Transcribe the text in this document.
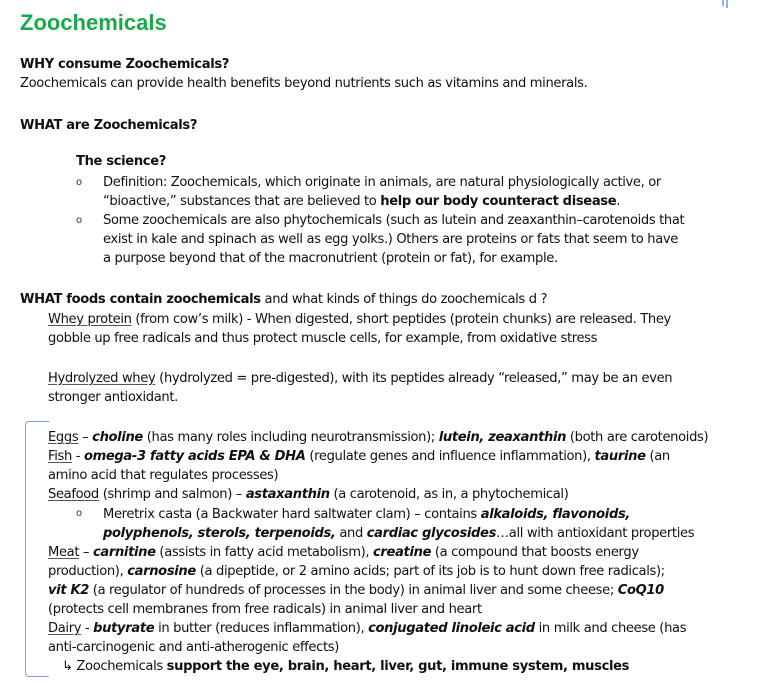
Zoochemicals
WHY consume Zoochemicals?
Zoochemicals can provide health benefits beyond nutrients such as vitamins and minerals.
WHAT are Zoochemicals?
The science?
o Definition: Zoochemicals, which originate in animals, are natural physiologically active, or
“bioactive,” substances that are believed to help our body counteract disease.
o Some zoochemicals are also phytochemicals (such as lutein and zeaxanthin–carotenoids that
exist in kale and spinach as well as egg yolks.) Others are proteins or fats that seem to have
a purpose beyond that of the macronutrient (protein or fat), for example.
WHAT foods contain zoochemicals and what kinds of things do zoochemicals d ?
Whey protein (from cow’s milk) - When digested, short peptides (protein chunks) are released. They
gobble up free radicals and thus protect muscle cells, for example, from oxidative stress
Hydrolyzed whey (hydrolyzed = pre-digested), with its peptides already “released,” may be an even
stronger antioxidant.
Eggs – choline (has many roles including neurotransmission); lutein, zeaxanthin (both are carotenoids)
Fish - omega-3 fatty acids EPA & DHA (regulate genes and influence inflammation), taurine (an
amino acid that regulates processes)
Seafood (shrimp and salmon) – astaxanthin (a carotenoid, as in, a phytochemical)
o Meretrix casta (a Backwater hard saltwater clam) – contains alkaloids, flavonoids,
polyphenols, sterols, terpenoids, and cardiac glycosides…all with antioxidant properties
Meat – carnitine (assists in fatty acid metabolism), creatine (a compound that boosts energy
production), carnosine (a dipeptide, or 2 amino acids; part of its job is to hunt down free radicals);
vit K2 (a regulator of hundreds of processes in the body) in animal liver and some cheese; CoQ10
(protects cell membranes from free radicals) in animal liver and heart
Dairy - butyrate in butter (reduces inflammation), conjugated linoleic acid in milk and cheese (has
anti-carcinogenic and anti-atherogenic effects)
↳ Zoochemicals support the eye, brain, heart, liver, gut, immune system, muscles
